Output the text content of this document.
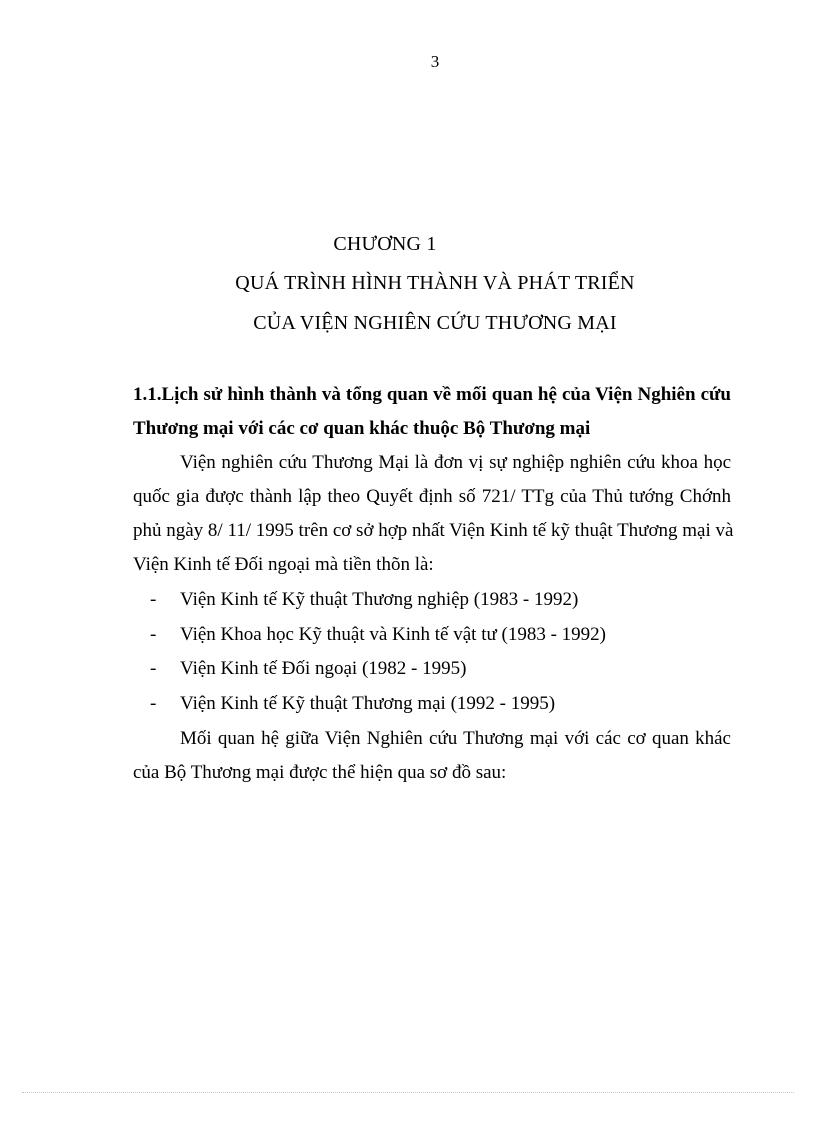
3
CHƯƠNG 1
QUÁ TRÌNH HÌNH THÀNH VÀ PHÁT TRIỂN
CỦA VIỆN NGHIÊN CỨU THƯƠNG MẠI
1.1.Lịch sử hình thành và tổng quan về mối quan hệ của Viện Nghiên cứu
Thương mại với các cơ quan khác thuộc Bộ Thương mại
Viện nghiên cứu Thương Mại là đơn vị sự nghiệp nghiên cứu khoa học
quốc gia được thành lập theo Quyết định số 721/ TTg của Thủ tướng Chớnh
phủ ngày 8/ 11/ 1995 trên cơ sở hợp nhất Viện Kinh tế kỹ thuật Thương mại và
Viện Kinh tế Đối ngoại mà tiền thõn là:
- Viện Kinh tế Kỹ thuật Thương nghiệp (1983 - 1992)
- Viện Khoa học Kỹ thuật và Kinh tế vật tư (1983 - 1992)
- Viện Kinh tế Đối ngoại (1982 - 1995)
- Viện Kinh tế Kỹ thuật Thương mại (1992 - 1995)
Mối quan hệ giữa Viện Nghiên cứu Thương mại với các cơ quan khác
của Bộ Thương mại được thể hiện qua sơ đồ sau:
